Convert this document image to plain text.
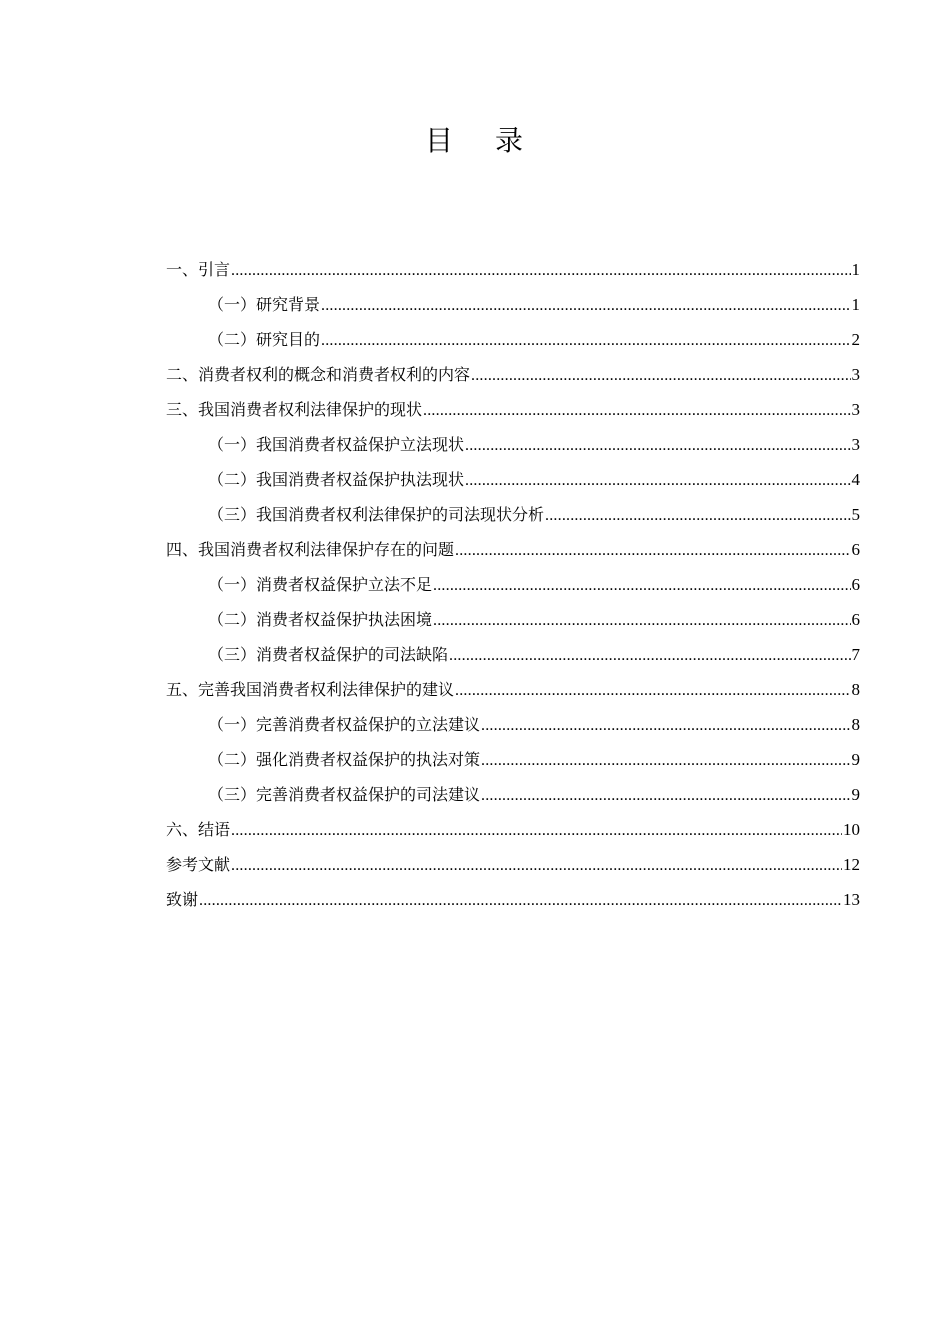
目 录
一、引言 .....	1
（一）研究背景 .....	1
（二）研究目的 .....	2
二、消费者权利的概念和消费者权利的内容 .....	3
三、我国消费者权利法律保护的现状 .....	3
（一）我国消费者权益保护立法现状 .....	3
（二）我国消费者权益保护执法现状 .....	4
（三）我国消费者权利法律保护的司法现状分析 .....	5
四、我国消费者权利法律保护存在的问题 .....	6
（一）消费者权益保护立法不足 .....	6
（二）消费者权益保护执法困境 .....	6
（三）消费者权益保护的司法缺陷 .....	7
五、完善我国消费者权利法律保护的建议 .....	8
（一）完善消费者权益保护的立法建议 .....	8
（二）强化消费者权益保护的执法对策 .....	9
（三）完善消费者权益保护的司法建议 .....	9
六、结语 .....	10
参考文献 .....	12
致谢 .....	13
